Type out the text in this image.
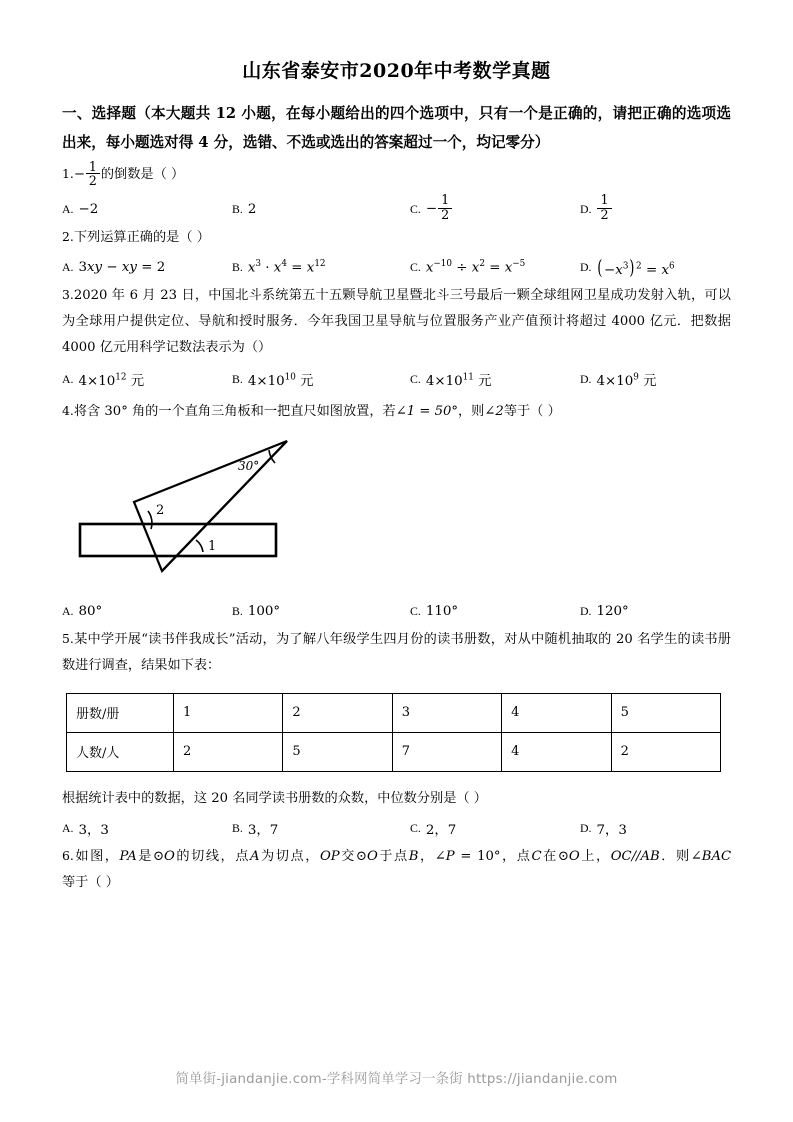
山东省泰安市2020年中考数学真题
一、选择题（本大题共 12 小题，在每小题给出的四个选项中，只有一个是正确的，请把正确的选项选出来，每小题选对得 4 分，选错、不选或选出的答案超过一个，均记零分）
$1.- \frac{1}{2}$ 的倒数是（ ）
A. −2	B. 2	C. − $\frac{1}{2}$	D. $\frac{1}{2}$
2.下列运算正确的是（ ）
A. 3xy − xy = 2	B. $x^3 \cdot x^4 = x^{12}$	C. $x^{-10} \div x^2 = x^{-5}$	D. $(-x^3)^2 = x^6$
3.2020 年 6 月 23 日，中国北斗系统第五十五颗导航卫星暨北斗三号最后一颗全球组网卫星成功发射入轨，可以为全球用户提供定位、导航和授时服务．今年我国卫星导航与位置服务产业产值预计将超过 4000 亿元．把数据 4000 亿元用科学记数法表示为（）
A. $4\times 10^{12}$ 元	B. $4\times 10^{10}$ 元	C. $4\times 10^{11}$ 元	D. $4\times 10^9$ 元
4.将含 30° 角的一个直角三角板和一把直尺如图放置，若∠1 = 50°，则∠2等于（ ）
30°
2
1
A. 80°	B. 100°	C. 110°	D. 120°
5.某中学开展“读书伴我成长”活动，为了解八年级学生四月份的读书册数，对从中随机抽取的 20 名学生的读书册数进行调查，结果如下表：
册数/册	1	2	3	4	5
人数/人	2	5	7	4	2
根据统计表中的数据，这 20 名同学读书册数的众数，中位数分别是（ ）
A. 3，3	B. 3，7	C. 2，7	D. 7，3
6.如图，PA是⊙O的切线，点A为切点，OP交⊙O于点B，∠P = 10°，点C在⊙O上，OC//AB．则∠BAC等于（ ）
简单街-jiandanjie.com-学科网简单学习一条街 https://jiandanjie.com
